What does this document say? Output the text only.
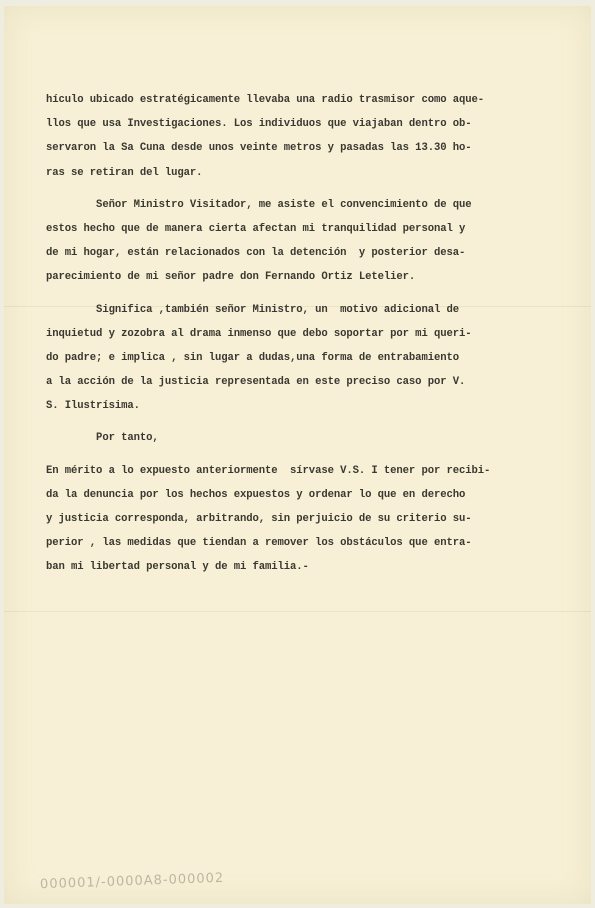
hículo ubicado estratégicamente llevaba una radio trasmisor como aque-
llos que usa Investigaciones. Los individuos que viajaban dentro ob-
servaron la Sa Cuna desde unos veinte metros y pasadas las 13.30 ho-
ras se retiran del lugar.
Señor Ministro Visitador, me asiste el convencimiento de que
estos hecho que de manera cierta afectan mi tranquilidad personal y
de mi hogar, están relacionados con la detención  y posterior desa-
parecimiento de mi señor padre don Fernando Ortiz Letelier.
Significa ,también señor Ministro, un  motivo adicional de
inquietud y zozobra al drama inmenso que debo soportar por mi queri-
do padre; e implica , sin lugar a dudas,una forma de entrabamiento
a la acción de la justicia representada en este preciso caso por V.
S. Ilustrísima.
Por tanto,
En mérito a lo expuesto anteriormente  sírvase V.S. I tener por recibi-
da la denuncia por los hechos expuestos y ordenar lo que en derecho
y justicia corresponda, arbitrando, sin perjuicio de su criterio su-
perior , las medidas que tiendan a remover los obstáculos que entra-
ban mi libertad personal y de mi familia.-
000001/-0000A8-000002
